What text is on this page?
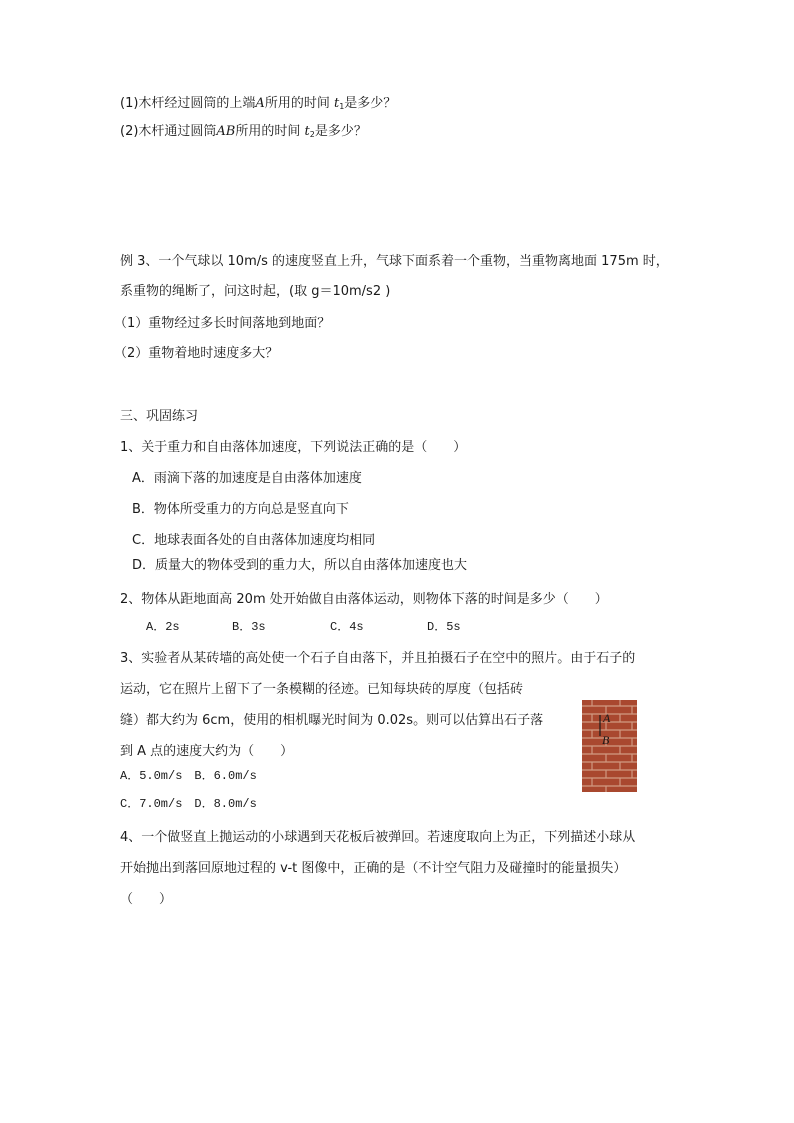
(1)木杆经过圆筒的上端A所用的时间 $t_1$是多少？
(2)木杆通过圆筒AB所用的时间 $t_2$是多少？
例 3、一个气球以 10m/s 的速度竖直上升，气球下面系着一个重物，当重物离地面 175m 时，
系重物的绳断了，问这时起，(取 g＝10m/s2 )
（1）重物经过多长时间落地到地面？
（2）重物着地时速度多大？
三、巩固练习
1、关于重力和自由落体加速度，下列说法正确的是（　　）
A．雨滴下落的加速度是自由落体加速度
B．物体所受重力的方向总是竖直向下
C．地球表面各处的自由落体加速度均相同
D．质量大的物体受到的重力大，所以自由落体加速度也大
2、物体从距地面高 20m 处开始做自由落体运动，则物体下落的时间是多少（　　）
A．2s	B．3s	C．4s	D．5s
3、实验者从某砖墙的高处使一个石子自由落下，并且拍摄石子在空中的照片。由于石子的
运动，它在照片上留下了一条模糊的径迹。已知每块砖的厚度（包括砖
缝）都大约为 6cm，使用的相机曝光时间为 0.02s。则可以估算出石子落
到 A 点的速度大约为（　　）
A．5.0m/s　B．6.0m/s
C．7.0m/s　D．8.0m/s
A
B
4、一个做竖直上抛运动的小球遇到天花板后被弹回。若速度取向上为正，下列描述小球从
开始抛出到落回原地过程的 v-t 图像中，正确的是（不计空气阻力及碰撞时的能量损失）
（　　）
